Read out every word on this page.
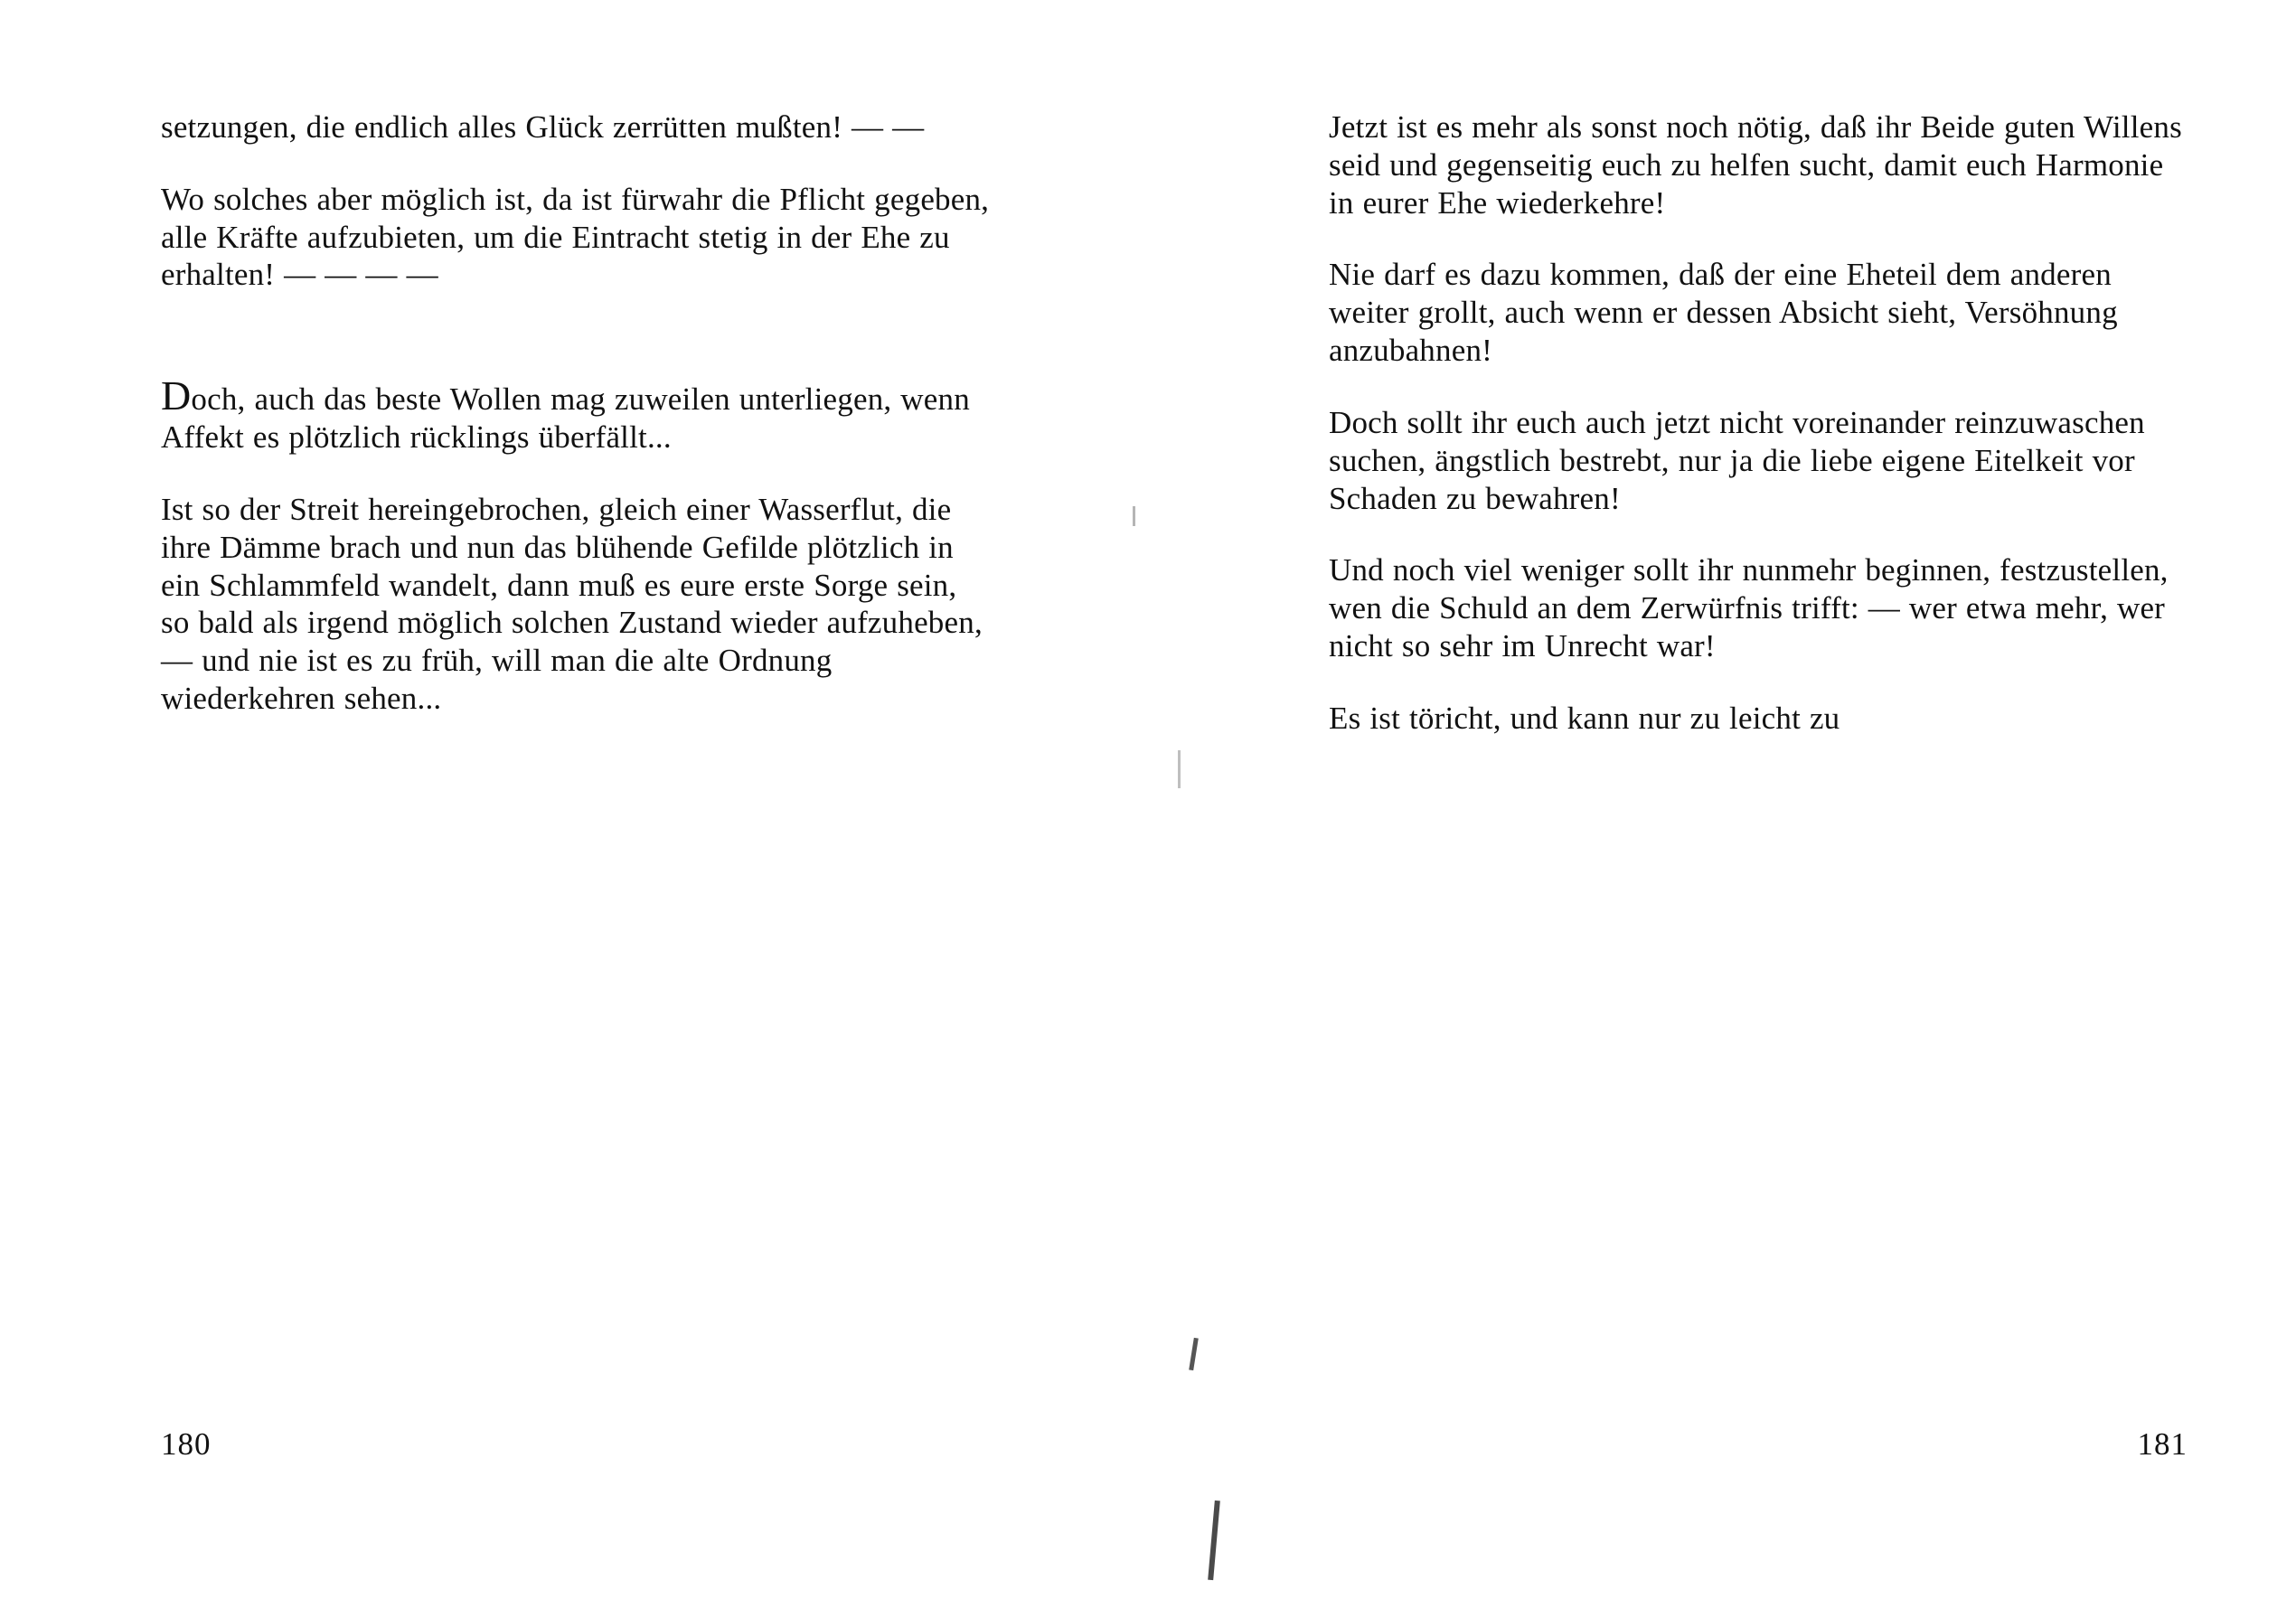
setzungen, die endlich alles Glück zerrütten mußten! — —

Wo solches aber möglich ist, da ist fürwahr die Pflicht gegeben, alle Kräfte aufzubieten, um die Eintracht stetig in der Ehe zu erhalten! — — — —

Doch, auch das beste Wollen mag zuweilen unterliegen, wenn Affekt es plötzlich rücklings überfällt...

Ist so der Streit hereingebrochen, gleich einer Wasserflut, die ihre Dämme brach und nun das blühende Gefilde plötzlich in ein Schlammfeld wandelt, dann muß es eure erste Sorge sein, so bald als irgend möglich solchen Zustand wieder aufzuheben, — und nie ist es zu früh, will man die alte Ordnung wiederkehren sehen...

180

Jetzt ist es mehr als sonst noch nötig, daß ihr Beide guten Willens seid und gegenseitig euch zu helfen sucht, damit euch Harmonie in eurer Ehe wiederkehre!

Nie darf es dazu kommen, daß der eine Eheteil dem anderen weiter grollt, auch wenn er dessen Absicht sieht, Versöhnung anzubahnen!

Doch sollt ihr euch auch jetzt nicht voreinander reinzuwaschen suchen, ängstlich bestrebt, nur ja die liebe eigene Eitelkeit vor Schaden zu bewahren!

Und noch viel weniger sollt ihr nunmehr beginnen, festzustellen, wen die Schuld an dem Zerwürfnis trifft: — wer etwa mehr, wer nicht so sehr im Unrecht war!

Es ist töricht, und kann nur zu leicht zu

181
